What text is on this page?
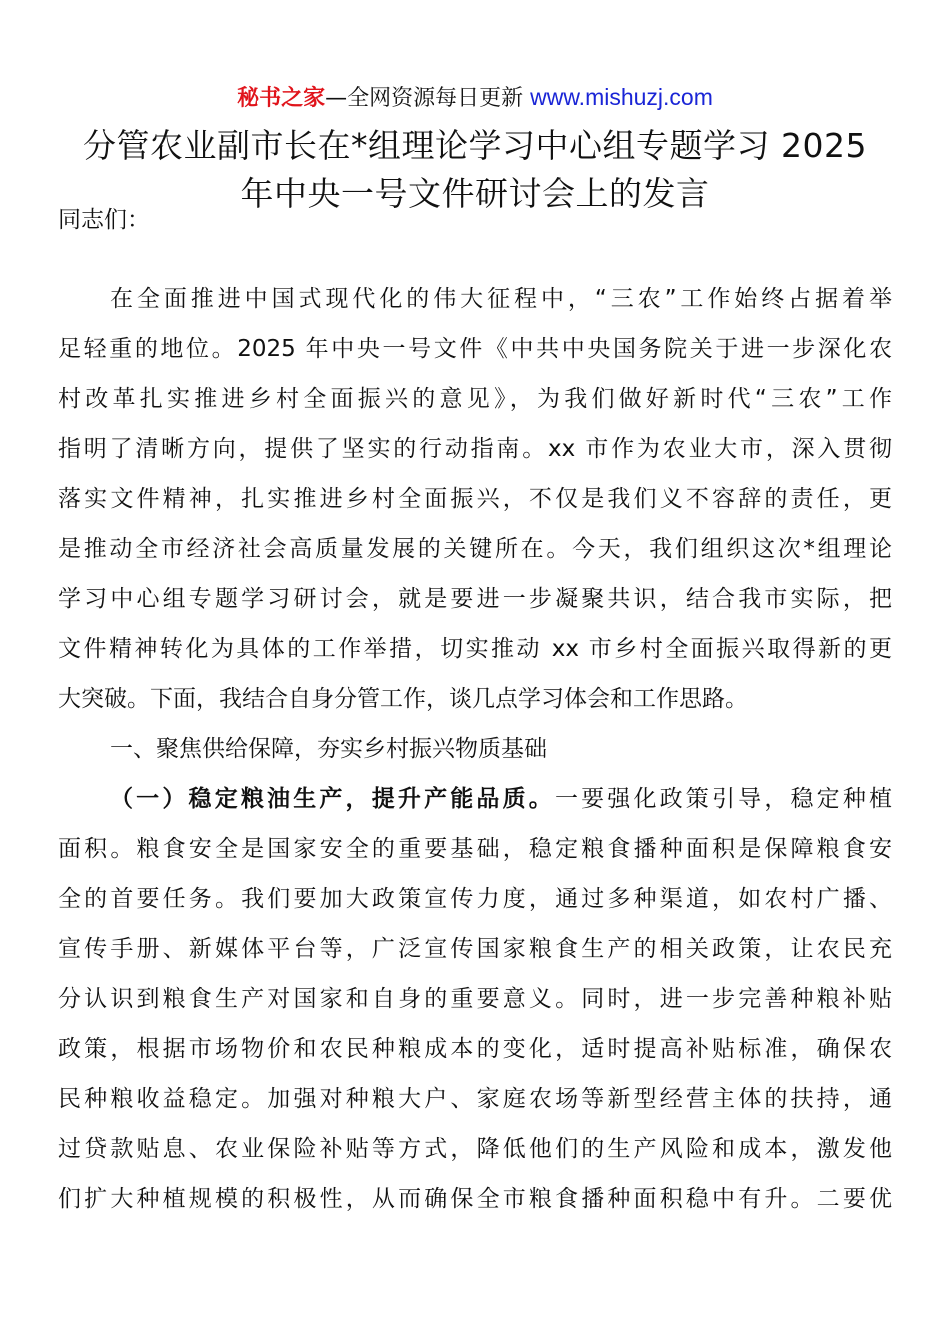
秘书之家—全网资源每日更新 www.mishuzj.com
分管农业副市长在*组理论学习中心组专题学习 2025
年中央一号文件研讨会上的发言
同志们：
在全面推进中国式现代化的伟大征程中，“三农”工作始终占据着举
足轻重的地位。2025 年中央一号文件《中共中央国务院关于进一步深化农
村改革扎实推进乡村全面振兴的意见》，为我们做好新时代“三农”工作
指明了清晰方向，提供了坚实的行动指南。xx 市作为农业大市，深入贯彻
落实文件精神，扎实推进乡村全面振兴，不仅是我们义不容辞的责任，更
是推动全市经济社会高质量发展的关键所在。今天，我们组织这次*组理论
学习中心组专题学习研讨会，就是要进一步凝聚共识，结合我市实际，把
文件精神转化为具体的工作举措，切实推动 xx 市乡村全面振兴取得新的更
大突破。下面，我结合自身分管工作，谈几点学习体会和工作思路。
一、聚焦供给保障，夯实乡村振兴物质基础
（一）稳定粮油生产，提升产能品质。一要强化政策引导，稳定种植
面积。粮食安全是国家安全的重要基础，稳定粮食播种面积是保障粮食安
全的首要任务。我们要加大政策宣传力度，通过多种渠道，如农村广播、
宣传手册、新媒体平台等，广泛宣传国家粮食生产的相关政策，让农民充
分认识到粮食生产对国家和自身的重要意义。同时，进一步完善种粮补贴
政策，根据市场物价和农民种粮成本的变化，适时提高补贴标准，确保农
民种粮收益稳定。加强对种粮大户、家庭农场等新型经营主体的扶持，通
过贷款贴息、农业保险补贴等方式，降低他们的生产风险和成本，激发他
们扩大种植规模的积极性，从而确保全市粮食播种面积稳中有升。二要优
